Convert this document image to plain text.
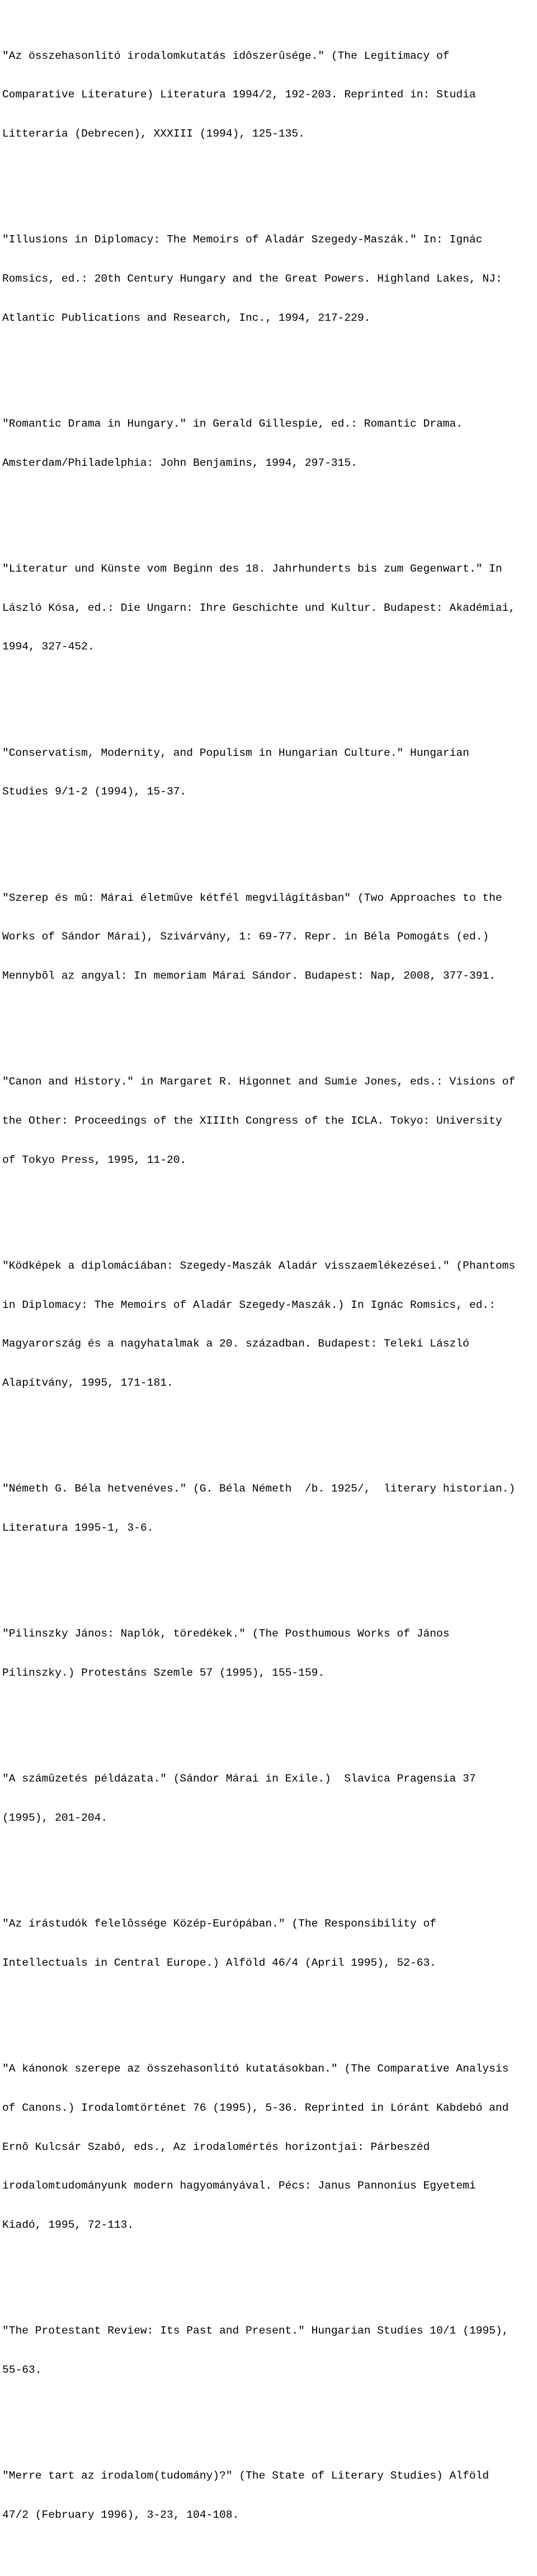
"Az összehasonlító irodalomkutatás idôszerûsége." (The Legitimacy of

Comparative Literature) Literatura 1994/2, 192-203. Reprinted in: Studia

Litteraria (Debrecen), XXXIII (1994), 125-135.

"Illusions in Diplomacy: The Memoirs of Aladár Szegedy-Maszák." In: Ignác

Romsics, ed.: 20th Century Hungary and the Great Powers. Highland Lakes, NJ:

Atlantic Publications and Research, Inc., 1994, 217-229.

"Romantic Drama in Hungary." in Gerald Gillespie, ed.: Romantic Drama.

Amsterdam/Philadelphia: John Benjamins, 1994, 297-315.

"Literatur und Künste vom Beginn des 18. Jahrhunderts bis zum Gegenwart." In

László Kósa, ed.: Die Ungarn: Ihre Geschichte und Kultur. Budapest: Akadémiai,

1994, 327-452.

"Conservatism, Modernity, and Populism in Hungarian Culture." Hungarian

Studies 9/1-2 (1994), 15-37.

"Szerep és mû: Márai életmûve kétfél megvilágításban" (Two Approaches to the

Works of Sándor Márai), Szivárvány, 1: 69-77. Repr. in Béla Pomogáts (ed.)

Mennybõl az angyal: In memoriam Márai Sándor. Budapest: Nap, 2008, 377-391.

"Canon and History." in Margaret R. Higonnet and Sumie Jones, eds.: Visions of

the Other: Proceedings of the XIIIth Congress of the ICLA. Tokyo: University

of Tokyo Press, 1995, 11-20.

"Ködképek a diplomáciában: Szegedy-Maszák Aladár visszaemlékezései." (Phantoms

in Diplomacy: The Memoirs of Aladár Szegedy-Maszák.) In Ignác Romsics, ed.:

Magyarország és a nagyhatalmak a 20. században. Budapest: Teleki László

Alapítvány, 1995, 171-181.

"Németh G. Béla hetvenéves." (G. Béla Németh  /b. 1925/,  literary historian.)

Literatura 1995-1, 3-6.

"Pilinszky János: Naplók, töredékek." (The Posthumous Works of János

Pilinszky.) Protestáns Szemle 57 (1995), 155-159.

"A számûzetés példázata." (Sándor Márai in Exile.)  Slavica Pragensia 37

(1995), 201-204.

"Az írástudók felelôssége Közép-Európában." (The Responsibility of

Intellectuals in Central Europe.) Alföld 46/4 (April 1995), 52-63.

"A kánonok szerepe az összehasonlító kutatásokban." (The Comparative Analysis

of Canons.) Irodalomtörténet 76 (1995), 5-36. Reprinted in Lóránt Kabdebó and

Ernô Kulcsár Szabó, eds., Az irodalomértés horizontjai: Párbeszéd

irodalomtudományunk modern hagyományával. Pécs: Janus Pannonius Egyetemi

Kiadó, 1995, 72-113.

"The Protestant Review: Its Past and Present." Hungarian Studies 10/1 (1995),

55-63.

"Merre tart az irodalom(tudomány)?" (The State of Literary Studies) Alföld

47/2 (February 1996), 3-23, 104-108.
